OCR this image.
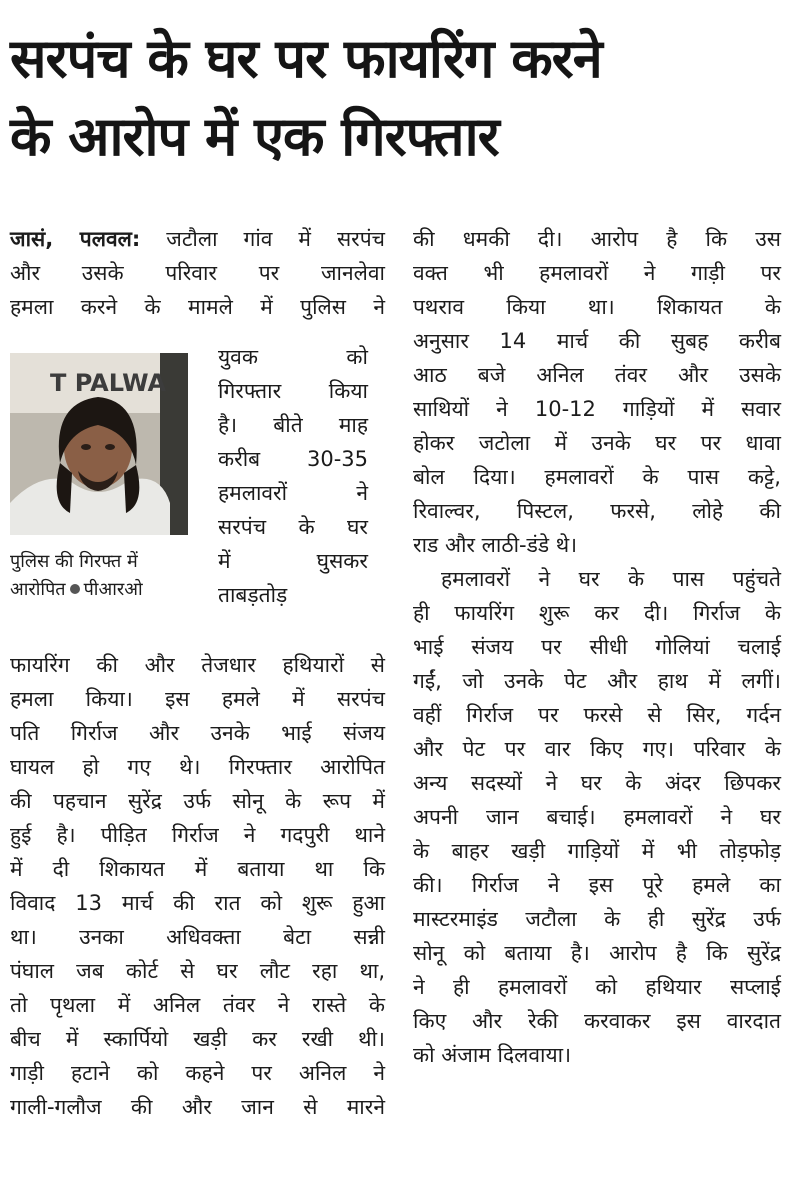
सरपंच के घर पर फायरिंग करने
के आरोप में एक गिरफ्तार
जासं, पलवल: जटौला गांव में सरपंच
और उसके परिवार पर जानलेवा
हमला करने के मामले में पुलिस ने
T PALWA
पुलिस की गिरफ्त में
आरोपित पीआरओ
युवक को
गिरफ्तार किया
है। बीते माह
करीब 30-35
हमलावरों ने
सरपंच के घर
में घुसकर
ताबड़तोड़
फायरिंग की और तेजधार हथियारों से
हमला किया। इस हमले में सरपंच
पति गिर्राज और उनके भाई संजय
घायल हो गए थे। गिरफ्तार आरोपित
की पहचान सुरेंद्र उर्फ सोनू के रूप में
हुई है। पीड़ित गिर्राज ने गदपुरी थाने
में दी शिकायत में बताया था कि
विवाद 13 मार्च की रात को शुरू हुआ
था। उनका अधिवक्ता बेटा सन्नी
पंघाल जब कोर्ट से घर लौट रहा था,
तो पृथला में अनिल तंवर ने रास्ते के
बीच में स्कार्पियो खड़ी कर रखी थी।
गाड़ी हटाने को कहने पर अनिल ने
गाली-गलौज की और जान से मारने
की धमकी दी। आरोप है कि उस
वक्त भी हमलावरों ने गाड़ी पर
पथराव किया था। शिकायत के
अनुसार 14 मार्च की सुबह करीब
आठ बजे अनिल तंवर और उसके
साथियों ने 10-12 गाड़ियों में सवार
होकर जटोला में उनके घर पर धावा
बोल दिया। हमलावरों के पास कट्टे,
रिवाल्वर, पिस्टल, फरसे, लोहे की
राड और लाठी-डंडे थे।
हमलावरों ने घर के पास पहुंचते
ही फायरिंग शुरू कर दी। गिर्राज के
भाई संजय पर सीधी गोलियां चलाई
गईं, जो उनके पेट और हाथ में लगीं।
वहीं गिर्राज पर फरसे से सिर, गर्दन
और पेट पर वार किए गए। परिवार के
अन्य सदस्यों ने घर के अंदर छिपकर
अपनी जान बचाई। हमलावरों ने घर
के बाहर खड़ी गाड़ियों में भी तोड़फोड़
की। गिर्राज ने इस पूरे हमले का
मास्टरमाइंड जटौला के ही सुरेंद्र उर्फ
सोनू को बताया है। आरोप है कि सुरेंद्र
ने ही हमलावरों को हथियार सप्लाई
किए और रेकी करवाकर इस वारदात
को अंजाम दिलवाया।
